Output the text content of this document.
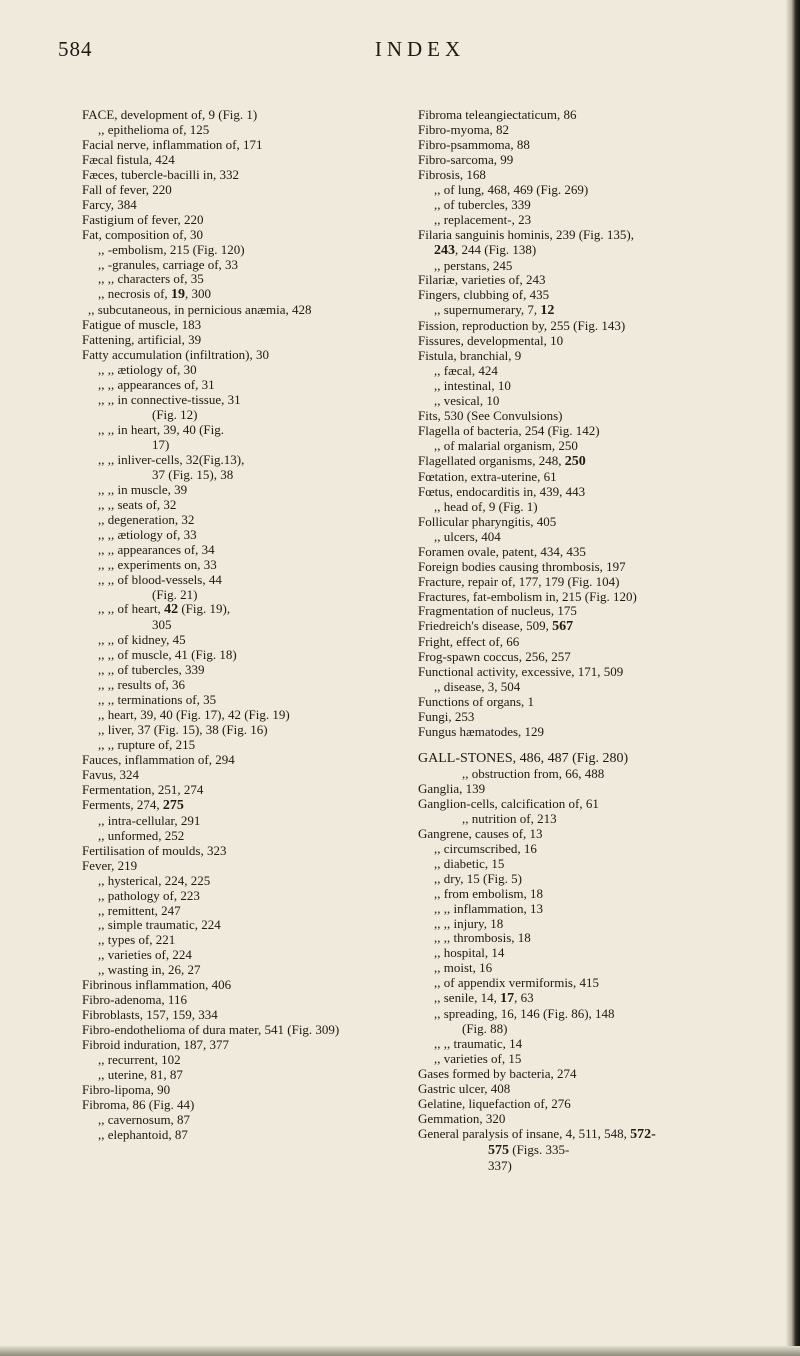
584	INDEX
FACE, development of, 9 (Fig. 1)
,, epithelioma of, 125
Facial nerve, inflammation of, 171
Fæcal fistula, 424
Fæces, tubercle-bacilli in, 332
Fall of fever, 220
Farcy, 384
Fastigium of fever, 220
Fat, composition of, 30
,, -embolism, 215 (Fig. 120)
,, -granules, carriage of, 33
,, ,, characters of, 35
,, necrosis of, 19, 300
,, subcutaneous, in pernicious anæmia, 428
Fatigue of muscle, 183
Fattening, artificial, 39
Fatty accumulation (infiltration), 30
,, ,, ætiology of, 30
,, ,, appearances of, 31
,, ,, in connective-tissue, 31
(Fig. 12)
,, ,, in heart, 39, 40 (Fig.
17)
,, ,, inliver-cells, 32(Fig.13),
37 (Fig. 15), 38
,, ,, in muscle, 39
,, ,, seats of, 32
,, degeneration, 32
,, ,, ætiology of, 33
,, ,, appearances of, 34
,, ,, experiments on, 33
,, ,, of blood-vessels, 44
(Fig. 21)
,, ,, of heart, 42 (Fig. 19),
305
,, ,, of kidney, 45
,, ,, of muscle, 41 (Fig. 18)
,, ,, of tubercles, 339
,, ,, results of, 36
,, ,, terminations of, 35
,, heart, 39, 40 (Fig. 17), 42 (Fig. 19)
,, liver, 37 (Fig. 15), 38 (Fig. 16)
,, ,, rupture of, 215
Fauces, inflammation of, 294
Favus, 324
Fermentation, 251, 274
Ferments, 274, 275
,, intra-cellular, 291
,, unformed, 252
Fertilisation of moulds, 323
Fever, 219
,, hysterical, 224, 225
,, pathology of, 223
,, remittent, 247
,, simple traumatic, 224
,, types of, 221
,, varieties of, 224
,, wasting in, 26, 27
Fibrinous inflammation, 406
Fibro-adenoma, 116
Fibroblasts, 157, 159, 334
Fibro-endothelioma of dura mater, 541 (Fig. 309)
Fibroid induration, 187, 377
,, recurrent, 102
,, uterine, 81, 87
Fibro-lipoma, 90
Fibroma, 86 (Fig. 44)
,, cavernosum, 87
,, elephantoid, 87
Fibroma teleangiectaticum, 86
Fibro-myoma, 82
Fibro-psammoma, 88
Fibro-sarcoma, 99
Fibrosis, 168
,, of lung, 468, 469 (Fig. 269)
,, of tubercles, 339
,, replacement-, 23
Filaria sanguinis hominis, 239 (Fig. 135),
243, 244 (Fig. 138)
,, perstans, 245
Filariæ, varieties of, 243
Fingers, clubbing of, 435
,, supernumerary, 7, 12
Fission, reproduction by, 255 (Fig. 143)
Fissures, developmental, 10
Fistula, branchial, 9
,, fæcal, 424
,, intestinal, 10
,, vesical, 10
Fits, 530 (See Convulsions)
Flagella of bacteria, 254 (Fig. 142)
,, of malarial organism, 250
Flagellated organisms, 248, 250
Fœtation, extra-uterine, 61
Fœtus, endocarditis in, 439, 443
,, head of, 9 (Fig. 1)
Follicular pharyngitis, 405
,, ulcers, 404
Foramen ovale, patent, 434, 435
Foreign bodies causing thrombosis, 197
Fracture, repair of, 177, 179 (Fig. 104)
Fractures, fat-embolism in, 215 (Fig. 120)
Fragmentation of nucleus, 175
Friedreich's disease, 509, 567
Fright, effect of, 66
Frog-spawn coccus, 256, 257
Functional activity, excessive, 171, 509
,, disease, 3, 504
Functions of organs, 1
Fungi, 253
Fungus hæmatodes, 129
GALL-STONES, 486, 487 (Fig. 280)
,, obstruction from, 66, 488
Ganglia, 139
Ganglion-cells, calcification of, 61
,, nutrition of, 213
Gangrene, causes of, 13
,, circumscribed, 16
,, diabetic, 15
,, dry, 15 (Fig. 5)
,, from embolism, 18
,, ,, inflammation, 13
,, ,, injury, 18
,, ,, thrombosis, 18
,, hospital, 14
,, moist, 16
,, of appendix vermiformis, 415
,, senile, 14, 17, 63
,, spreading, 16, 146 (Fig. 86), 148
(Fig. 88)
,, ,, traumatic, 14
,, varieties of, 15
Gases formed by bacteria, 274
Gastric ulcer, 408
Gelatine, liquefaction of, 276
Gemmation, 320
General paralysis of insane, 4, 511, 548, 572-
575 (Figs. 335-
337)
